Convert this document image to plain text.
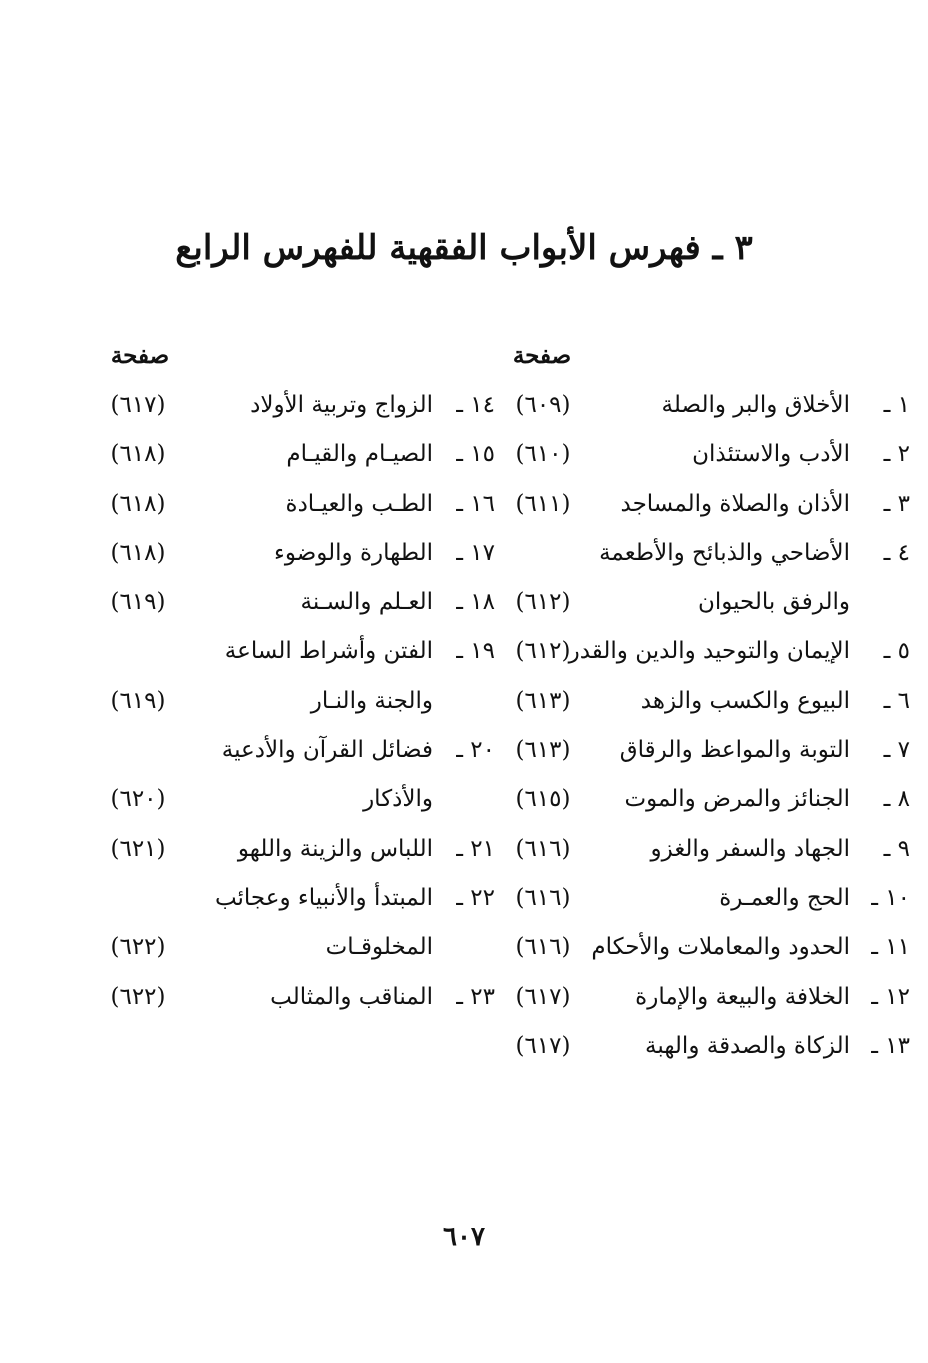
٣ ـ فهرس الأبواب الفقهية للفهرس الرابع
صفحة
صفحة
١ ـ
الأخلاق والبر والصلة
(٦٠٩)
٢ ـ
الأدب والاستئذان
(٦١٠)
٣ ـ
الأذان والصلاة والمساجد
(٦١١)
٤ ـ
الأضاحي والذبائح والأطعمة
والرفق بالحيوان
(٦١٢)
٥ ـ
الإيمان والتوحيد والدين والقدر
(٦١٢)
٦ ـ
البيوع والكسب والزهد
(٦١٣)
٧ ـ
التوبة والمواعظ والرقاق
(٦١٣)
٨ ـ
الجنائز والمرض والموت
(٦١٥)
٩ ـ
الجهاد والسفر والغزو
(٦١٦)
١٠ ـ
الحج والعمـرة
(٦١٦)
١١ ـ
الحدود والمعاملات والأحكام
(٦١٦)
١٢ ـ
الخلافة والبيعة والإمارة
(٦١٧)
١٣ ـ
الزكاة والصدقة والهبة
(٦١٧)
١٤ ـ
الزواج وتربية الأولاد
(٦١٧)
١٥ ـ
الصيـام والقيـام
(٦١٨)
١٦ ـ
الطـب والعيـادة
(٦١٨)
١٧ ـ
الطهارة والوضوء
(٦١٨)
١٨ ـ
العـلم والسـنة
(٦١٩)
١٩ ـ
الفتن وأشراط الساعة
والجنة والنـار
(٦١٩)
٢٠ ـ
فضائل القرآن والأدعية
والأذكار
(٦٢٠)
٢١ ـ
اللباس والزينة واللهو
(٦٢١)
٢٢ ـ
المبتدأ والأنبياء وعجائب
المخلوقـات
(٦٢٢)
٢٣ ـ
المناقب والمثالب
(٦٢٢)
٦٠٧
